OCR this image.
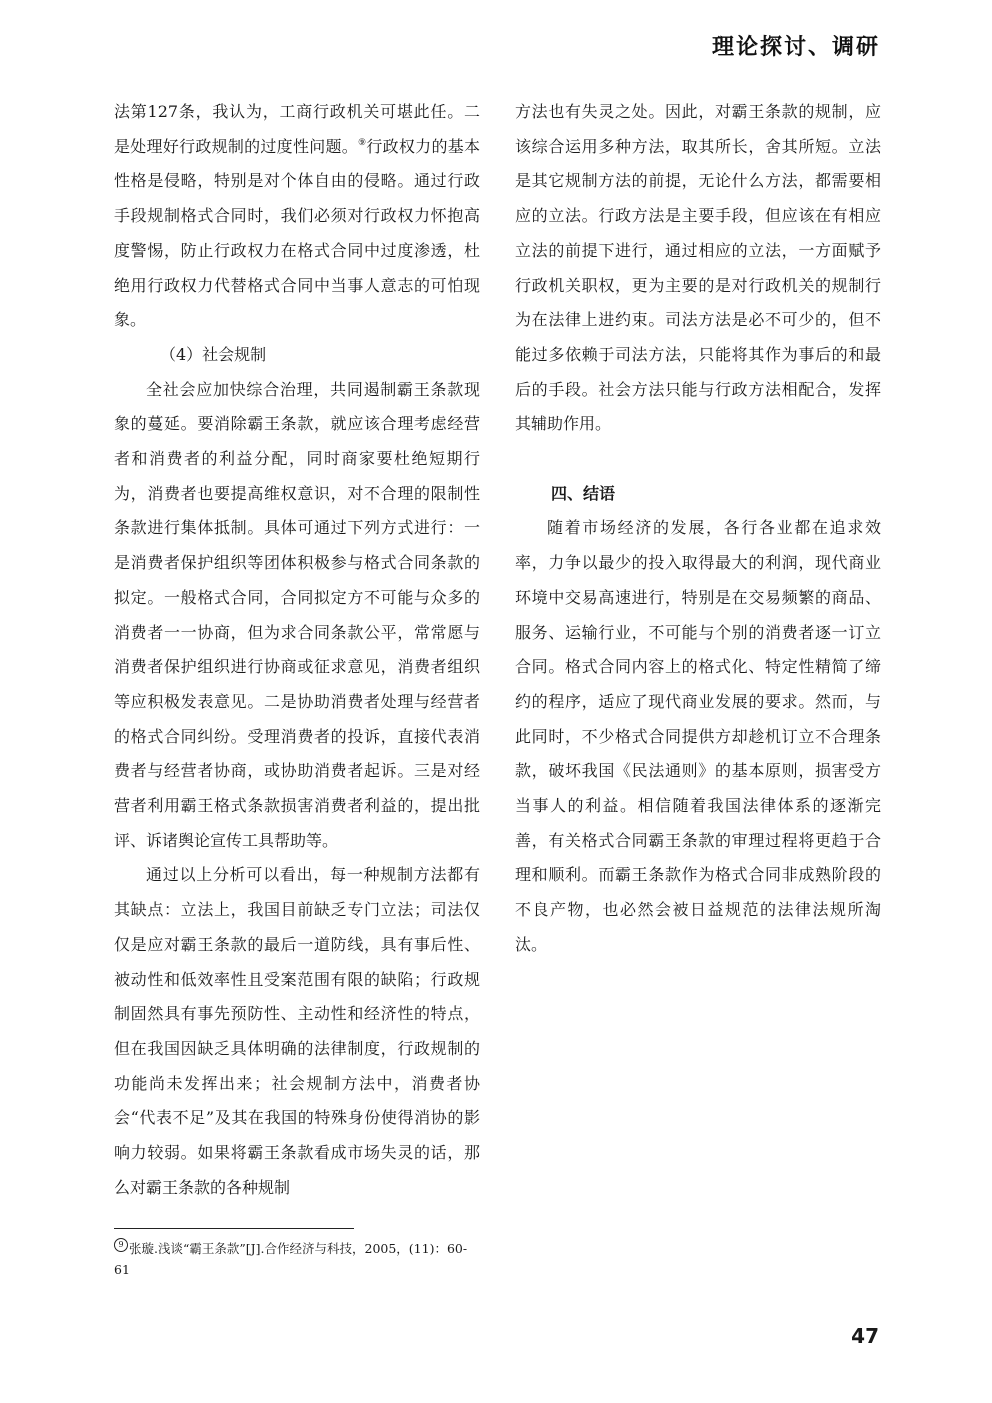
理论探讨、调研

法第127条，我认为，工商行政机关可堪此任。二是处理好行政规制的过度性问题。⑨行政权力的基本性格是侵略，特别是对个体自由的侵略。通过行政手段规制格式合同时，我们必须对行政权力怀抱高度警惕，防止行政权力在格式合同中过度渗透，杜绝用行政权力代替格式合同中当事人意志的可怕现象。

（4）社会规制

全社会应加快综合治理，共同遏制霸王条款现象的蔓延。要消除霸王条款，就应该合理考虑经营者和消费者的利益分配，同时商家要杜绝短期行为，消费者也要提高维权意识，对不合理的限制性条款进行集体抵制。具体可通过下列方式进行：一是消费者保护组织等团体积极参与格式合同条款的拟定。一般格式合同，合同拟定方不可能与众多的消费者一一协商，但为求合同条款公平，常常愿与消费者保护组织进行协商或征求意见，消费者组织等应积极发表意见。二是协助消费者处理与经营者的格式合同纠纷。受理消费者的投诉，直接代表消费者与经营者协商，或协助消费者起诉。三是对经营者利用霸王格式条款损害消费者利益的，提出批评、诉诸舆论宣传工具帮助等。

通过以上分析可以看出，每一种规制方法都有其缺点：立法上，我国目前缺乏专门立法；司法仅仅是应对霸王条款的最后一道防线，具有事后性、被动性和低效率性且受案范围有限的缺陷；行政规制固然具有事先预防性、主动性和经济性的特点，但在我国因缺乏具体明确的法律制度，行政规制的功能尚未发挥出来；社会规制方法中，消费者协会“代表不足”及其在我国的特殊身份使得消协的影响力较弱。如果将霸王条款看成市场失灵的话，那么对霸王条款的各种规制

方法也有失灵之处。因此，对霸王条款的规制，应该综合运用多种方法，取其所长，舍其所短。立法是其它规制方法的前提，无论什么方法，都需要相应的立法。行政方法是主要手段，但应该在有相应立法的前提下进行，通过相应的立法，一方面赋予行政机关职权，更为主要的是对行政机关的规制行为在法律上进约束。司法方法是必不可少的，但不能过多依赖于司法方法，只能将其作为事后的和最后的手段。社会方法只能与行政方法相配合，发挥其辅助作用。

四、结语

随着市场经济的发展，各行各业都在追求效率，力争以最少的投入取得最大的利润，现代商业环境中交易高速进行，特别是在交易频繁的商品、服务、运输行业，不可能与个别的消费者逐一订立合同。格式合同内容上的格式化、特定性精简了缔约的程序，适应了现代商业发展的要求。然而，与此同时，不少格式合同提供方却趁机订立不合理条款，破坏我国《民法通则》的基本原则，损害受方当事人的利益。相信随着我国法律体系的逐渐完善，有关格式合同霸王条款的审理过程将更趋于合理和顺利。而霸王条款作为格式合同非成熟阶段的不良产物，也必然会被日益规范的法律法规所淘汰。

9 张璇.浅谈“霸王条款”[J].合作经济与科技，2005，(11)：60-61
47
